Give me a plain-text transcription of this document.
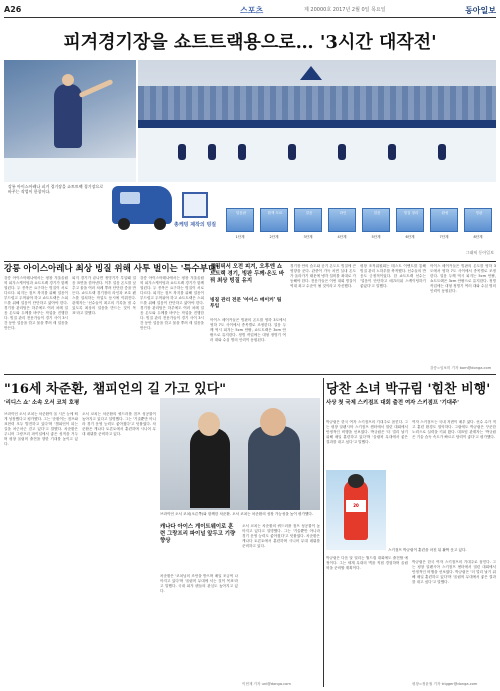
A26	스포츠	제 20000호 2017년 2월 0일 목요일	동아일보
피겨경기장을 쇼트트랙용으로… '3시간 대작전'
강릉 아이스아레나 피겨 경기장을 쇼트트랙 경기장으로 바꾸는 작업이 한창이다.
총케빙 제작의 빙질
얼음판
1단계
흰색 도료
2단계
얼음
3단계
라인
4단계
얼음
5단계
빙질 정리
6단계
완성
7단계
빙판
8단계
그래픽 동아일보
강릉 아이스아레나 최상 빙질 위해 사투 벌이는 '특수부대'
강릉 아이스아레나에서는 평창 겨울올림픽 피겨스케이팅과 쇼트트랙 경기가 함께 열린다. 두 종목은 요구하는 빙질이 서로 다르다. 피겨는 점프 착지를 위해 얼음이 부드럽고 두꺼워야 하고 쇼트트랙은 스피드를 위해 얼음이 단단하고 얇아야 한다. 경기장 관리팀은 하루에도 여러 차례 얼음 온도와 두께를 바꾸는 작업을 진행한다. 빙질 관리 전문가들이 경기 사이 3시간 동안 얼음을 깎고 물을 뿌려 새 얼음을 만든다.
피겨 경기가 끝나면 정빙기가 투입돼 얼음 표면을 깎아낸다. 이후 얼음 온도를 낮추고 물을 여러 차례 뿌려 단단한 층을 만든다. 쇼트트랙 경기장의 라인과 보호 펜스를 설치하는 작업도 동시에 이뤄진다. 관계자는 '선수들이 최고의 기록을 낼 수 있도록 최상의 얼음을 만드는 것이 목표'라고 말했다.
강릉 아이스아레나에서는 평창 겨울올림픽 피겨스케이팅과 쇼트트랙 경기가 함께 열린다. 두 종목은 요구하는 빙질이 서로 다르다. 피겨는 점프 착지를 위해 얼음이 부드럽고 두꺼워야 하고 쇼트트랙은 스피드를 위해 얼음이 단단하고 얇아야 한다. 경기장 관리팀은 하루에도 여러 차례 얼음 온도와 두께를 바꾸는 작업을 진행한다. 빙질 관리 전문가들이 경기 사이 3시간 동안 얼음을 깎고 물을 뿌려 새 얼음을 만든다.
올림픽서 오전 피겨, 오후엔 쇼트트랙 경기, 빙판 두께·온도 바꿔 최상 빙질 유지
빙질 관리 전문 '아이스 메이커' 팀 투입
아이스 메이커들은 빙판의 온도를 영하 3도에서 영하 7도 사이에서 종목별로 조정한다. 얼음 두께 역시 피겨는 5cm 안팎, 쇼트트랙은 3cm 안팎으로 유지한다. 정빙 작업에는 대형 정빙기 여러 대와 수십 명의 인력이 동원된다.
경기장 안의 습도와 공기 온도도 빙질에 큰 영향을 준다. 관중이 가득 차면 실내 온도가 올라가기 때문에 냉각 설비를 최대로 가동해야 한다. 전문가들은 이번 대회 빙질이 역대 최고 수준이 될 것이라고 자신했다.
평창 조직위원회는 테스트 이벤트를 통해 빙질 관리 노하우를 축적했다. 선수들의 반응도 긍정적이었다. 한 쇼트트랙 선수는 '얼음이 단단하고 매끄러워 스케이팅하기 좋았다'고 말했다.
아이스 메이커들은 빙판의 온도를 영하 3도에서 영하 7도 사이에서 종목별로 조정한다. 얼음 두께 역시 피겨는 5cm 안팎, 쇼트트랙은 3cm 안팎으로 유지한다. 정빙 작업에는 대형 정빙기 여러 대와 수십 명의 인력이 동원된다.
강릉=임보미 기자 bom@donga.com
"16세 차준환, 챔피언의 길 가고 있다"
'리디스 쇼' 소속 오서 코치 호평
브라이언 오서 코치는 차준환이 올 시즌 눈에 띄게 성장했다고 평가했다. 그는 '준환이는 점프와 표현력 모두 발전하고 있다'며 '챔피언이 되는 길을 차근차근 걷고 있다'고 말했다. 차준환은 주니어 그랑프리 파이널에서 좋은 성적을 거두며 평창 올림픽 출전을 향한 기대를 높이고 있다.
오서 코치는 차준환의 쿼드러플 점프 성공률이 높아지고 있다고 설명했다. 그는 '기술뿐만 아니라 경기 운영 능력도 좋아졌다'고 덧붙였다. 차준환은 캐나다 토론토에서 훈련하며 시니어 무대 데뷔를 준비하고 있다.
브라이언 오서 코치(오른쪽)와 함께한 차준환. 오서 코치는 차준환의 성장 가능성을 높이 평가했다.
캐나다 아이스 게이트웨이로 훈련 그랑프리 파이널 앞두고 기량 향상
차준환은 '코치님의 조언을 받으며 매일 조금씩 나아지고 있다'며 '올림픽 무대에 서는 것이 목표'라고 말했다. 국내 피겨 팬들의 관심도 높아지고 있다.
오서 코치는 차준환의 쿼드러플 점프 성공률이 높아지고 있다고 설명했다. 그는 '기술뿐만 아니라 경기 운영 능력도 좋아졌다'고 덧붙였다. 차준환은 캐나다 토론토에서 훈련하며 시니어 무대 데뷔를 준비하고 있다.
이헌재 기자 uni@donga.com
당찬 소녀 박규림 '힘찬 비행'
사상 첫 국제 스키점프 대회 출전 여자 스키점프 '기대주'
박규림은 한국 여자 스키점프의 기대주로 꼽힌다. 그는 평창 알펜시아 스키점프 센터에서 열린 대회에서 안정적인 비행을 선보였다. 박규림은 '더 멀리 날기 위해 매일 훈련하고 있다'며 '올림픽 무대에서 좋은 결과를 내고 싶다'고 말했다.
여자 스키점프는 국내 저변이 매우 얇다. 선수 수가 적고 훈련 환경도 열악하다. 그럼에도 박규림은 꾸준한 노력으로 실력을 키워 왔다. 대표팀 관계자는 '박규림은 기술 습득 속도가 빠르고 담력이 좋다'고 평가했다.
20
스키점프 박규림이 훈련을 마친 뒤 활짝 웃고 있다.
박규림은 다음 달 열리는 월드컵 대회에도 출전할 예정이다. 그는 세계 무대의 벽을 직접 경험하며 올림픽을 준비할 계획이다.
박규림은 한국 여자 스키점프의 기대주로 꼽힌다. 그는 평창 알펜시아 스키점프 센터에서 열린 대회에서 안정적인 비행을 선보였다. 박규림은 '더 멀리 날기 위해 매일 훈련하고 있다'며 '올림픽 무대에서 좋은 결과를 내고 싶다'고 말했다.
평창=정윤철 기자 trigger@donga.com
